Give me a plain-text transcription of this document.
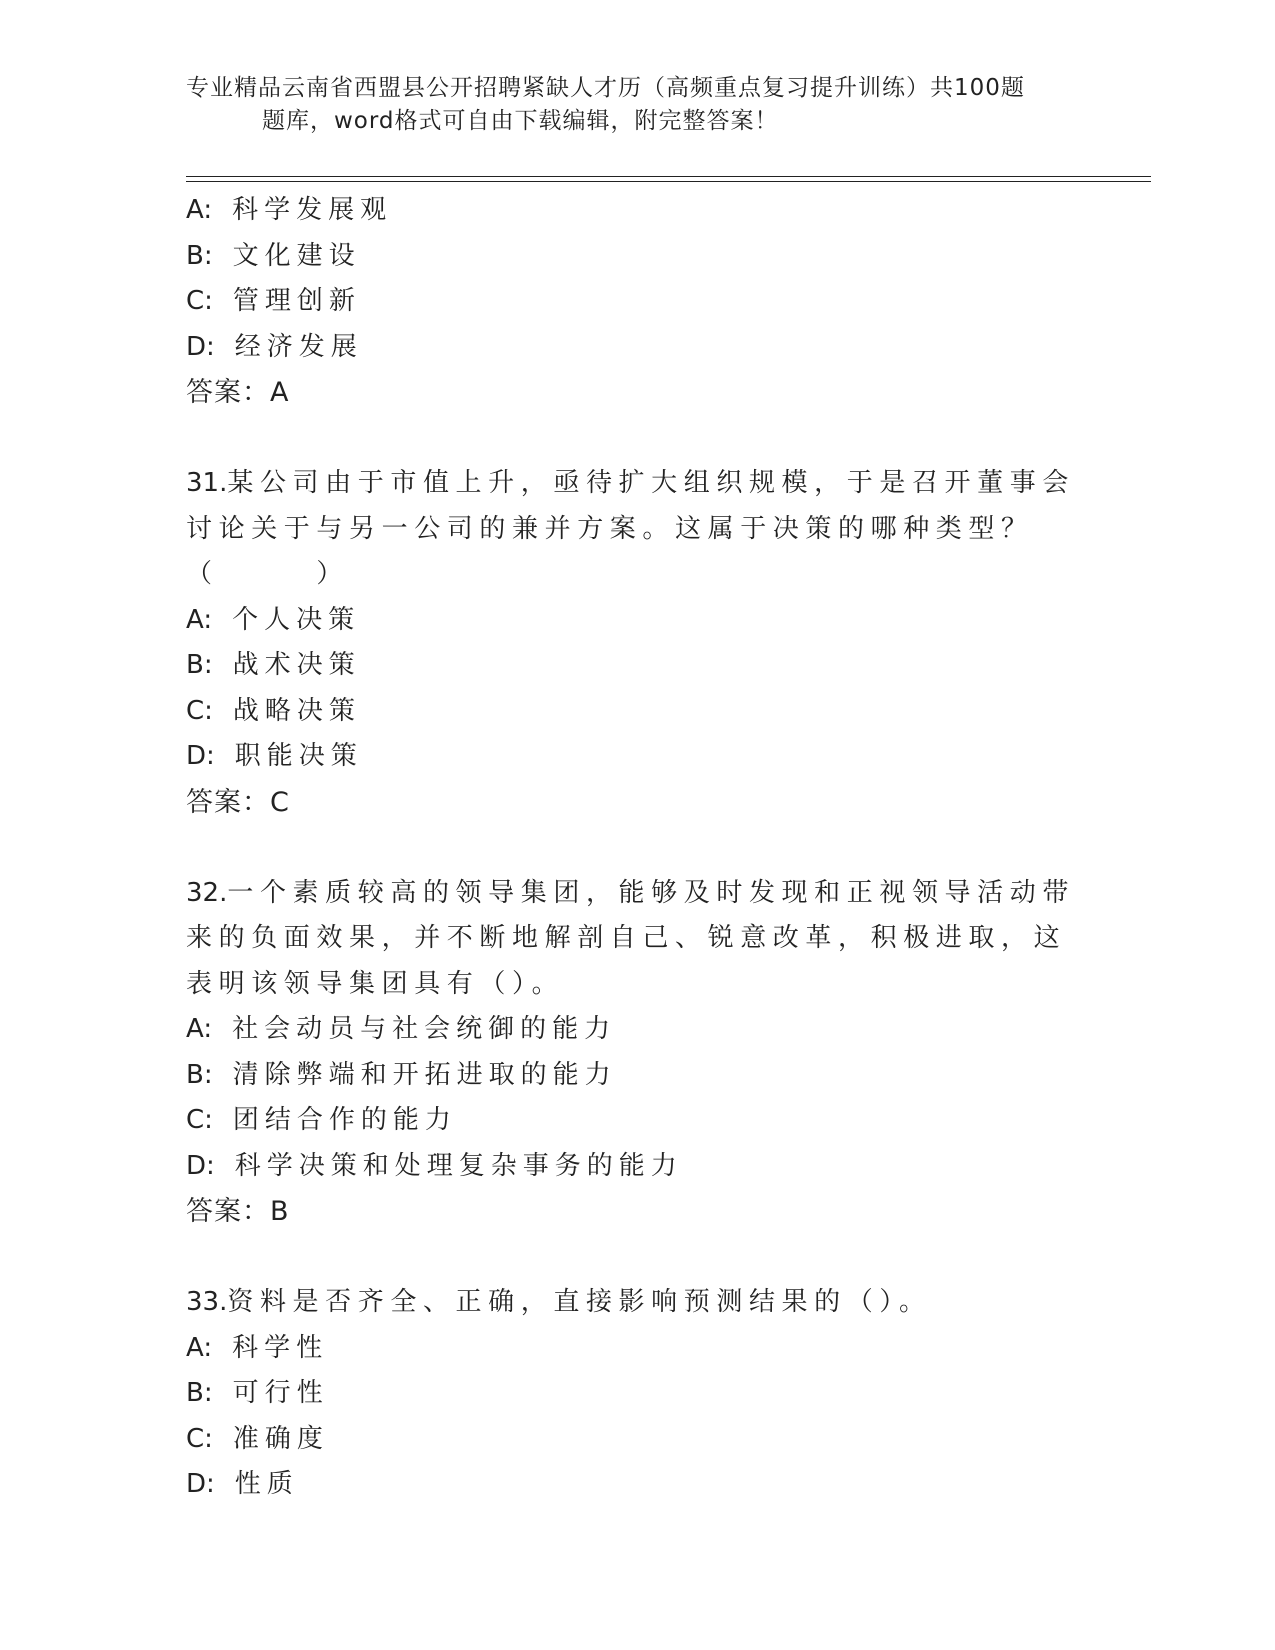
专业精品云南省西盟县公开招聘紧缺人才历（高频重点复习提升训练）共100题
题库，word格式可自由下载编辑，附完整答案！
A: 科学发展观
B: 文化建设
C: 管理创新
D: 经济发展
答案：A
31.某公司由于市值上升，亟待扩大组织规模，于是召开董事会讨论关于与另一公司的兼并方案。这属于决策的哪种类型？（　　　）
A: 个人决策
B: 战术决策
C: 战略决策
D: 职能决策
答案：C
32.一个素质较高的领导集团，能够及时发现和正视领导活动带来的负面效果，并不断地解剖自己、锐意改革，积极进取，这表明该领导集团具有（）。
A: 社会动员与社会统御的能力
B: 清除弊端和开拓进取的能力
C: 团结合作的能力
D: 科学决策和处理复杂事务的能力
答案：B
33.资料是否齐全、正确，直接影响预测结果的（）。
A: 科学性
B: 可行性
C: 准确度
D: 性质
